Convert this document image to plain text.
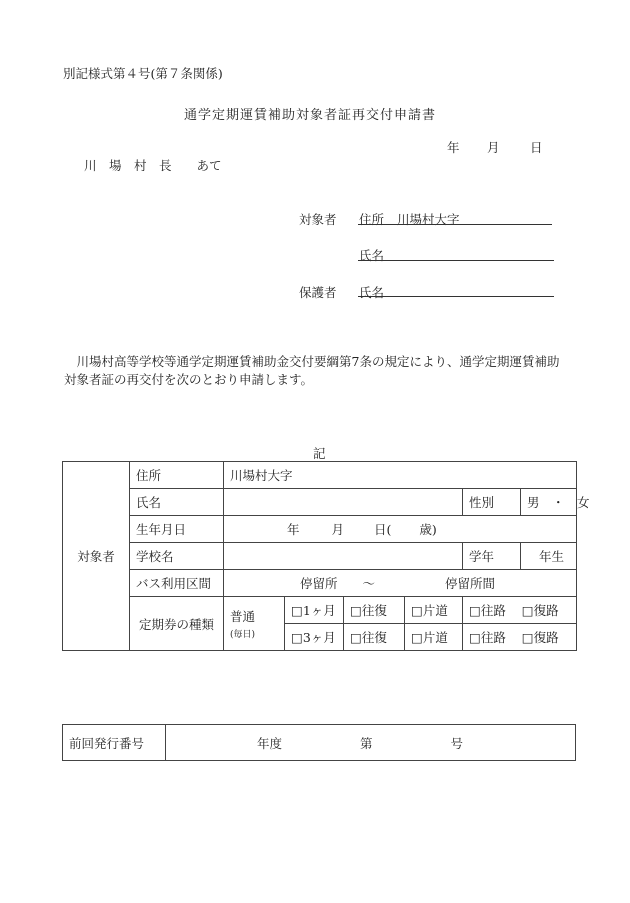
別記様式第４号(第７条関係)
通学定期運賃補助対象者証再交付申請書
年 月 日
川　場　村　長　　あて
対象者 住所 川場村大字
氏名
保護者 氏名
　川場村高等学校等通学定期運賃補助金交付要綱第7条の規定により、通学定期運賃補助対象者証の再交付を次のとおり申請します。
記
対象者	住所	川場村大字					
	氏名					性別	男　・　女
	生年月日	年 月 日( 歳)					
	学校名					学年	年生
	バス利用区間	停留所　　～ 停留所間					
	定期券の種類	普通
(毎日)
	□ 1ヶ月	□往復	□片道	□往路 □ 復路
□ 3ヶ月	□往復	□片道	□往路 □ 復路
前回発行番号	年度	第	号
